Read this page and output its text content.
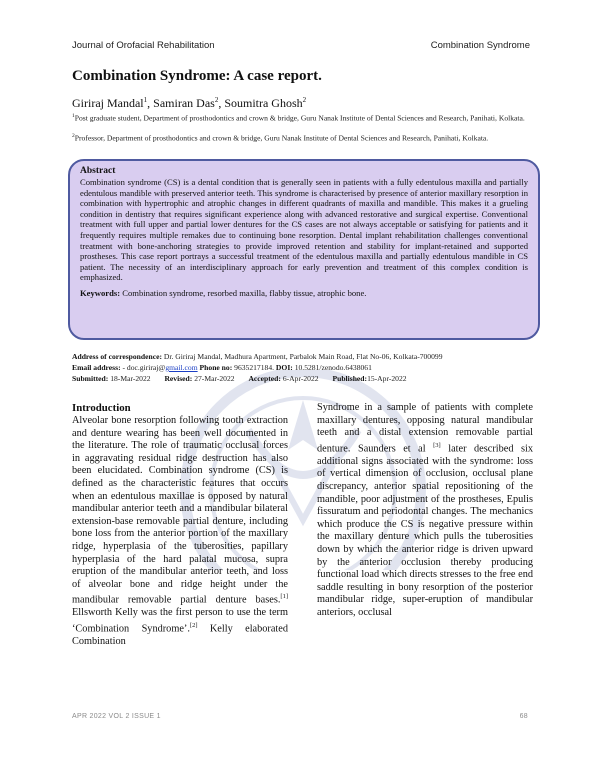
Journal of Orofacial Rehabilitation	Combination Syndrome
Combination Syndrome: A case report.

Giriraj Mandal$^1$, Samiran Das$^2$, Soumitra Ghosh$^2$

$^1$Post graduate student, Department of prosthodontics and crown & bridge, Guru Nanak Institute of Dental Sciences and Research, Panihati, Kolkata.

$^2$Professor, Department of prosthodontics and crown & bridge, Guru Nanak Institute of Dental Sciences and Research, Panihati, Kolkata.

Abstract

Combination syndrome (CS) is a dental condition that is generally seen in patients with a fully edentulous maxilla and partially edentulous mandible with preserved anterior teeth. This syndrome is characterised by presence of anterior maxillary resorption in combination with hypertrophic and atrophic changes in different quadrants of maxilla and mandible. This makes it a grueling condition in dentistry that requires significant experience along with advanced restorative and surgical expertise. Conventional treatment with full upper and partial lower dentures for the CS cases are not always acceptable or satisfying for patients and it frequently requires multiple remakes due to continuing bone resorption. Dental implant rehabilitation challenges conventional treatment with bone-anchoring strategies to provide improved retention and stability for implant-retained and supported prostheses. This case report portrays a successful treatment of the edentulous maxilla and partially edentulous mandible in CS patient. The necessity of an interdisciplinary approach for early prevention and treatment of this complex condition is emphasized.

Keywords: Combination syndrome, resorbed maxilla, flabby tissue, atrophic bone.

Address of correspondence: Dr. Giriraj Mandal, Madhura Apartment, Parbalok Main Road, Flat No-06, Kolkata-700099

Email address: - doc.giriraj@gmail.com Phone no: 9635217184. DOI: 10.5281/zenodo.6438061

Submitted: 18-Mar-2022 Revised: 27-Mar-2022 Accepted: 6-Apr-2022 Published:15-Apr-2022

Introduction

Alveolar bone resorption following tooth extraction and denture wearing has been well documented in the literature. The role of traumatic occlusal forces in aggravating residual ridge destruction has also been elucidated. Combination syndrome (CS) is defined as the characteristic features that occurs when an edentulous maxillae is opposed by natural mandibular anterior teeth and a mandibular bilateral extension-base removable partial denture, including bone loss from the anterior portion of the maxillary ridge, hyperplasia of the tuberosities, papillary hyperplasia of the hard palatal mucosa, supra eruption of the mandibular anterior teeth, and loss of alveolar bone and ridge height under the mandibular removable partial denture bases.[1] Ellsworth Kelly was the first person to use the term ‘Combination Syndrome’.[2] Kelly elaborated Combination

Syndrome in a sample of patients with complete maxillary dentures, opposing natural mandibular teeth and a distal extension removable partial denture. Saunders et al [3] later described six additional signs associated with the syndrome: loss of vertical dimension of occlusion, occlusal plane discrepancy, anterior spatial repositioning of the mandible, poor adjustment of the prostheses, Epulis fissuratum and periodontal changes. The mechanics which produce the CS is negative pressure within the maxillary denture which pulls the tuberosities down by which the anterior ridge is driven upward by the anterior occlusion thereby producing functional load which directs stresses to the free end saddle resulting in bony resorption of the posterior mandibular ridge, super-eruption of mandibular anteriors, occlusal

APR 2022 VOL 2 ISSUE 1	68
